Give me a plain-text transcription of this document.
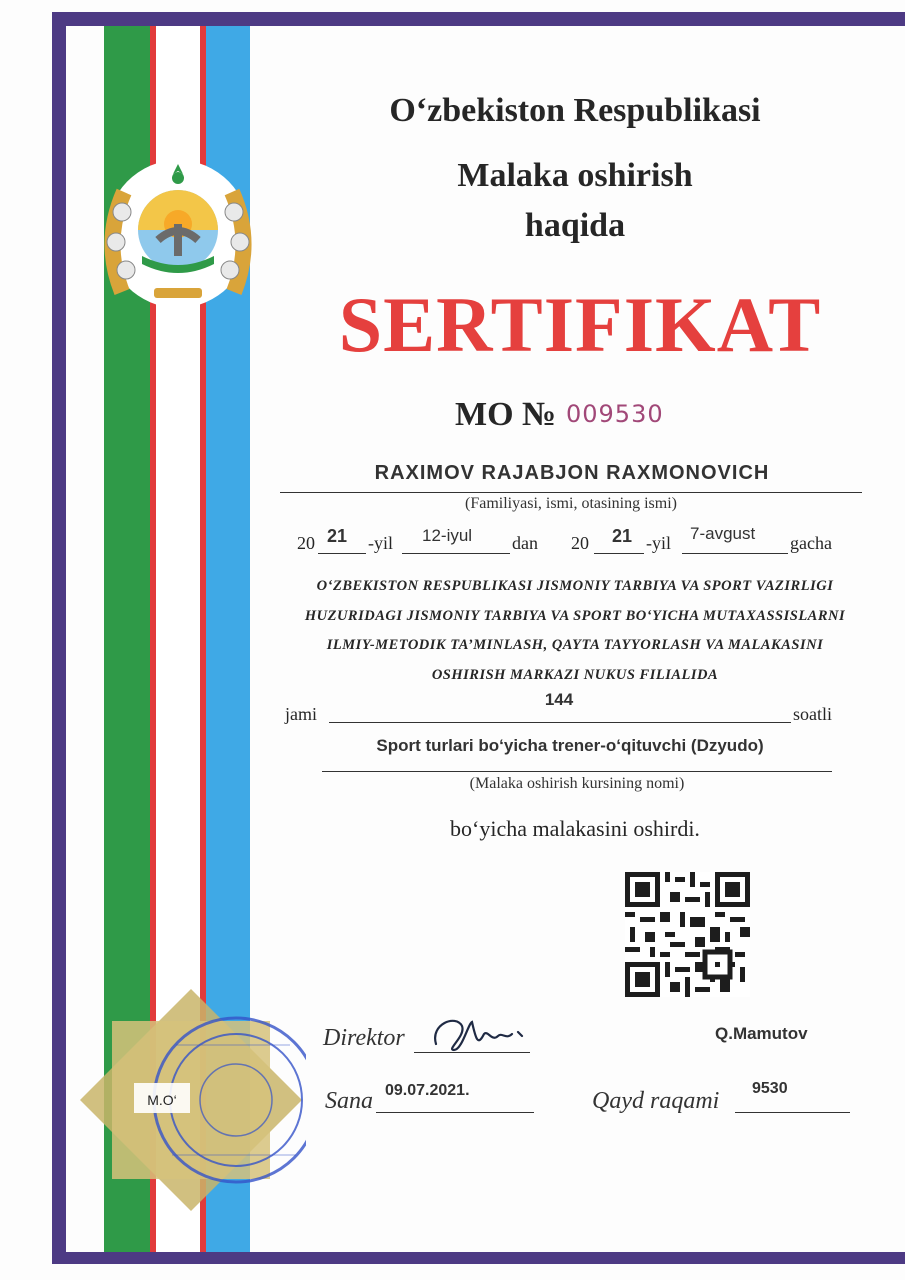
O‘zbekiston Respublikasi
Malaka oshirish
haqida
SERTIFIKAT
MO № 009530
RAXIMOV RAJABJON RAXMONOVICH
(Familiyasi, ismi, otasining ismi)
20 21 -yil 12-iyul dan 20 21 -yil 7-avgust gacha
O‘ZBEKISTON RESPUBLIKASI JISMONIY TARBIYA VA SPORT VAZIRLIGI
HUZURIDAGI JISMONIY TARBIYA VA SPORT BO‘YICHA MUTAXASSISLARNI
ILMIY-METODIK TA’MINLASH, QAYTA TAYYORLASH VA MALAKASINI
OSHIRISH MARKAZI NUKUS FILIALIDA
jami
144
soatli
Sport turlari bo‘yicha trener-o‘qituvchi (Dzyudo)
(Malaka oshirish kursining nomi)
bo‘yicha malakasini oshirdi.
Direktor	Q.Mamutov
Sana 09.07.2021.	Qayd raqami 9530
M.O‘
